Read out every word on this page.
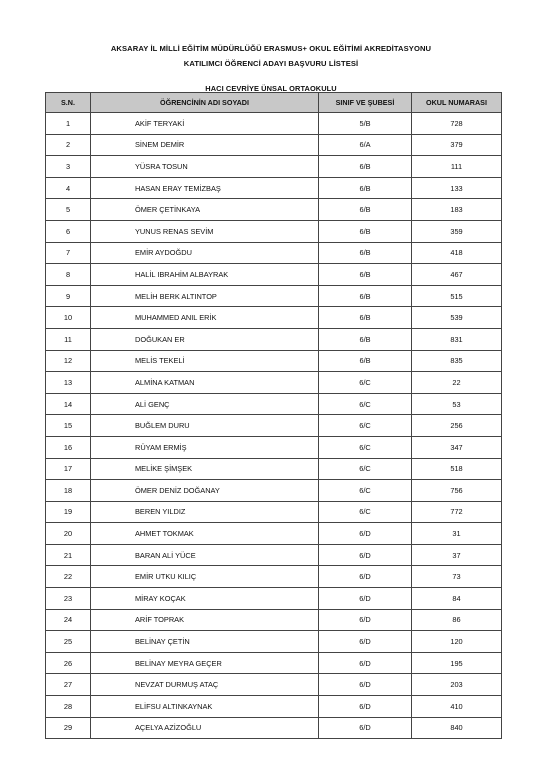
AKSARAY İL MİLLİ EĞİTİM MÜDÜRLÜĞÜ ERASMUS+ OKUL EĞİTİMİ AKREDİTASYONU
KATILIMCI ÖĞRENCİ ADAYI BAŞVURU LİSTESİ
HACI CEVRİYE ÜNSAL ORTAOKULU
S.N.	ÖĞRENCİNİN ADI SOYADI	SINIF VE ŞUBESİ	OKUL NUMARASI
1	AKİF TERYAKİ	5/B	728
2	SİNEM DEMİR	6/A	379
3	YÜSRA TOSUN	6/B	111
4	HASAN ERAY TEMİZBAŞ	6/B	133
5	ÖMER ÇETİNKAYA	6/B	183
6	YUNUS RENAS SEVİM	6/B	359
7	EMİR AYDOĞDU	6/B	418
8	HALİL IBRAHİM ALBAYRAK	6/B	467
9	MELİH BERK ALTINTOP	6/B	515
10	MUHAMMED ANIL ERİK	6/B	539
11	DOĞUKAN ER	6/B	831
12	MELİS TEKELİ	6/B	835
13	ALMİNA KATMAN	6/C	22
14	ALİ GENÇ	6/C	53
15	BUĞLEM DURU	6/C	256
16	RÜYAM ERMİŞ	6/C	347
17	MELİKE ŞİMŞEK	6/C	518
18	ÖMER DENİZ DOĞANAY	6/C	756
19	BEREN YILDIZ	6/C	772
20	AHMET TOKMAK	6/D	31
21	BARAN ALİ YÜCE	6/D	37
22	EMİR UTKU KILIÇ	6/D	73
23	MİRAY KOÇAK	6/D	84
24	ARİF TOPRAK	6/D	86
25	BELİNAY ÇETİN	6/D	120
26	BELİNAY MEYRA GEÇER	6/D	195
27	NEVZAT DURMUŞ ATAÇ	6/D	203
28	ELİFSU ALTINKAYNAK	6/D	410
29	AÇELYA AZİZOĞLU	6/D	840
